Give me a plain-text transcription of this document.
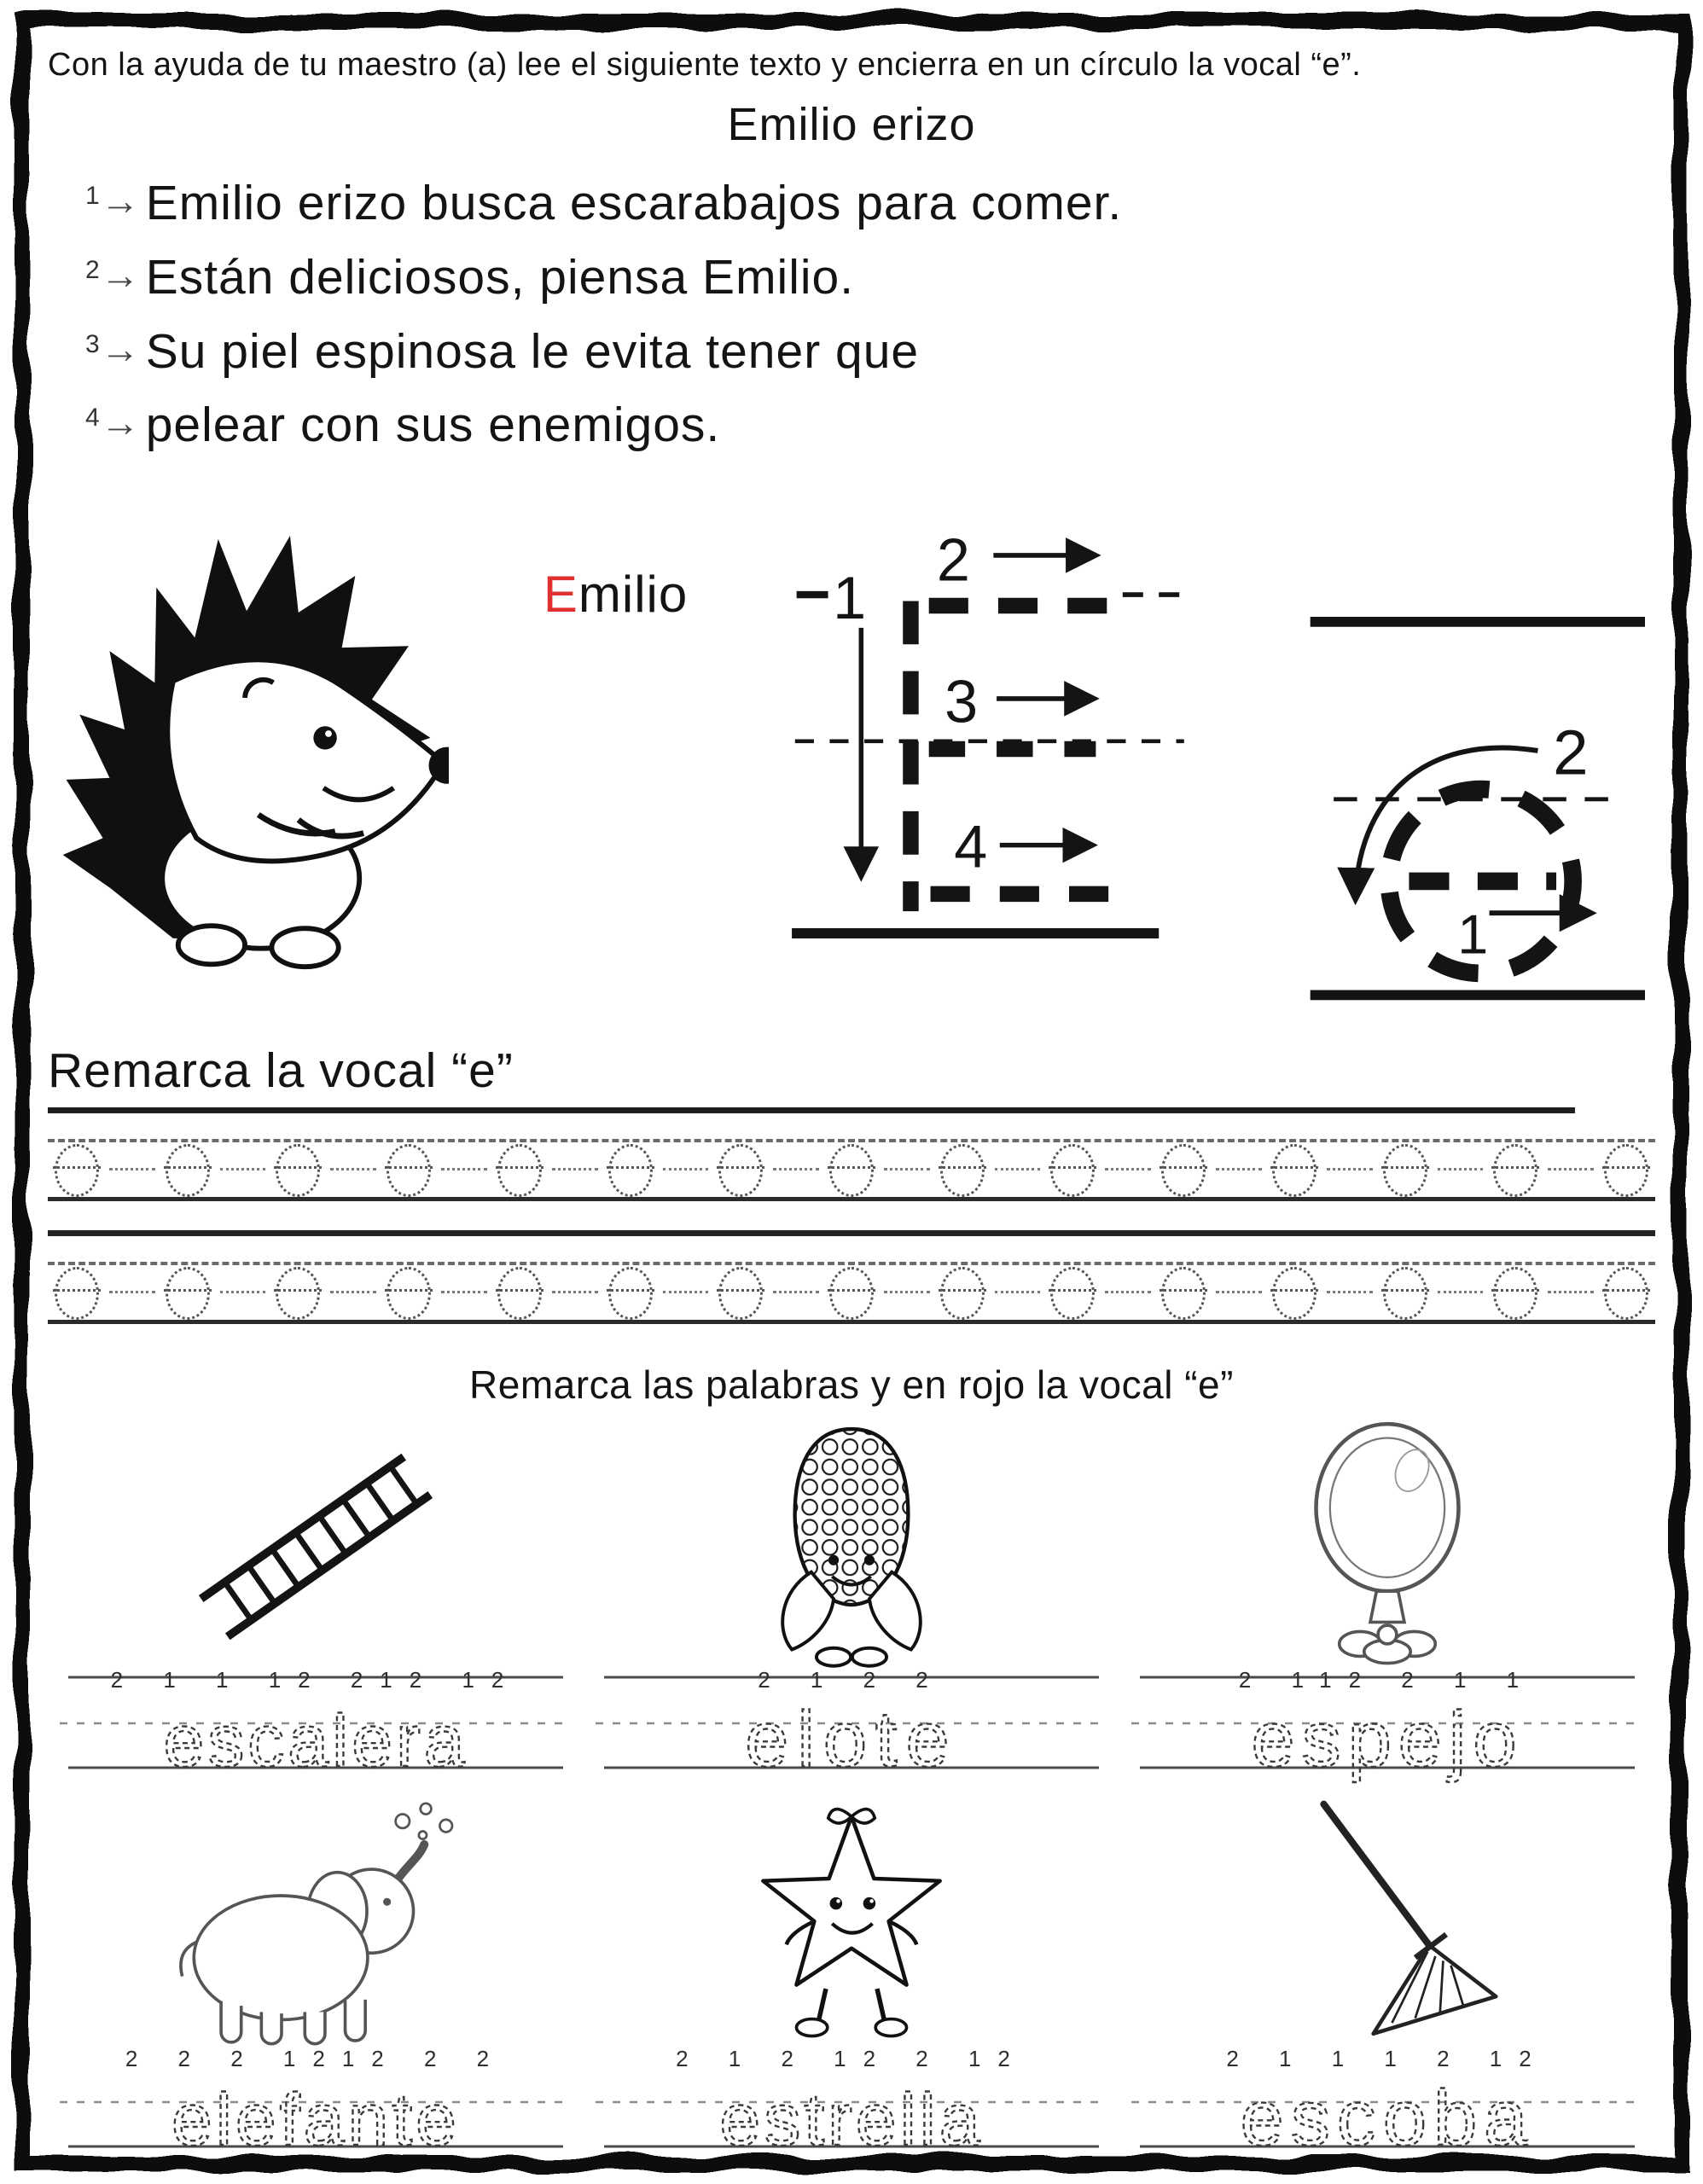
Con la ayuda de tu maestro (a) lee el siguiente texto y encierra en un círculo la vocal “e”.
Emilio erizo
$^1$→ Emilio erizo busca escarabajos para comer.
$^2$→ Están deliciosos, piensa Emilio.
$^3$→ Su piel espinosa le evita tener que
$^4$→ pelear con sus enemigos.
Emilio 1
2
3
4
1
2
Remarca la vocal “e”
Remarca las palabras y en rojo la vocal “e”
2 1 1 12 212 12
escalera
2 1 2 2
elote
2 112 2 1 1
espejo
2 2 2 1212 2 2
elefante
2 1 2 12 2 12
estrella
2 1 1 1 2 12
escoba
